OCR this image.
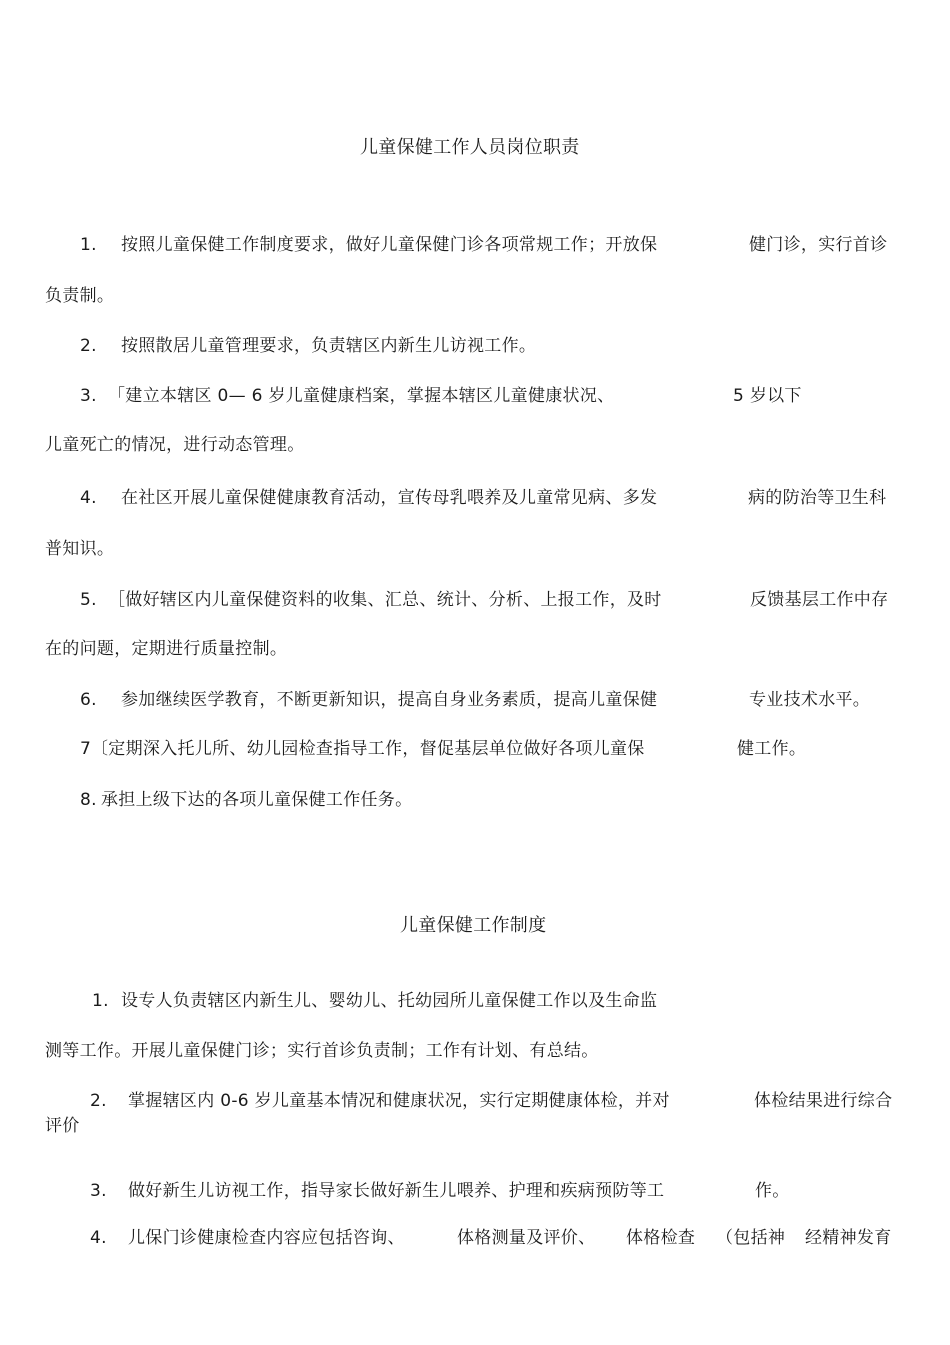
儿童保健工作人员岗位职责
1. 按照儿童保健工作制度要求，做好儿童保健门诊各项常规工作；开放保	健门诊，实行首诊
负责制。
2. 按照散居儿童管理要求，负责辖区内新生儿访视工作。
3. 「建立本辖区 0— 6 岁儿童健康档案，掌握本辖区儿童健康状况、	5 岁以下
儿童死亡的情况，进行动态管理。
4. 在社区开展儿童保健健康教育活动，宣传母乳喂养及儿童常见病、多发	病的防治等卫生科
普知识。
5. ［做好辖区内儿童保健资料的收集、汇总、统计、分析、上报工作，及时	反馈基层工作中存
在的问题，定期进行质量控制。
6. 参加继续医学教育，不断更新知识，提高自身业务素质，提高儿童保健	专业技术水平。
7 〔定期深入托儿所、幼儿园检查指导工作，督促基层单位做好各项儿童保	健工作。
8. 承担上级下达的各项儿童保健工作任务。
儿童保健工作制度
1. 设专人负责辖区内新生儿、婴幼儿、托幼园所儿童保健工作以及生命监
测等工作。开展儿童保健门诊；实行首诊负责制；工作有计划、有总结。
2. 掌握辖区内 0-6 岁儿童基本情况和健康状况，实行定期健康体检，并对	体检结果进行综合
评价
3. 做好新生儿访视工作，指导家长做好新生儿喂养、护理和疾病预防等工	作。
4. 儿保门诊健康检查内容应包括咨询、	体格测量及评价、 体格检查 （包括神 经精神发育
